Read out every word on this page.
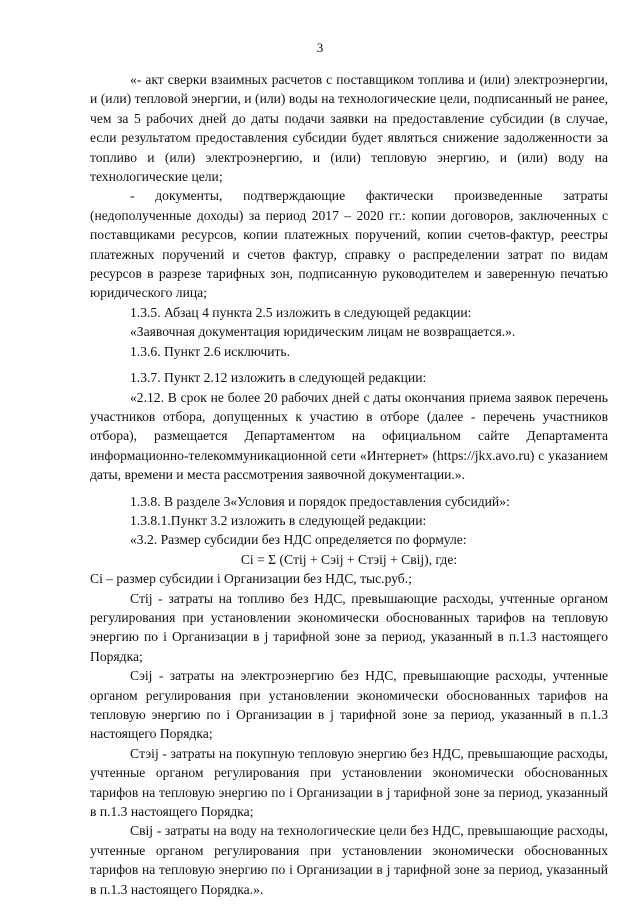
3

«- акт сверки взаимных расчетов с поставщиком топлива и (или) электроэнергии, и (или) тепловой энергии, и (или) воды на технологические цели, подписанный не ранее, чем за 5 рабочих дней до даты подачи заявки на предоставление субсидии (в случае, если результатом предоставления субсидии будет являться снижение задолженности за топливо и (или) электроэнергию, и (или) тепловую энергию, и (или) воду на технологические цели;

- документы, подтверждающие фактически произведенные затраты (недополученные доходы) за период 2017 – 2020 гг.: копии договоров, заключенных с поставщиками ресурсов, копии платежных поручений, копии счетов-фактур, реестры платежных поручений и счетов фактур, справку о распределении затрат по видам ресурсов в разрезе тарифных зон, подписанную руководителем и заверенную печатью юридического лица;

1.3.5. Абзац 4 пункта 2.5 изложить в следующей редакции:

«Заявочная документация юридическим лицам не возвращается.».

1.3.6. Пункт 2.6 исключить.

1.3.7. Пункт 2.12 изложить в следующей редакции:

«2.12. В срок не более 20 рабочих дней с даты окончания приема заявок перечень участников отбора, допущенных к участию в отборе (далее - перечень участников отбора), размещается Департаментом на официальном сайте Департамента информационно-телекоммуникационной сети «Интернет» (https://jkx.avo.ru) с указанием даты, времени и места рассмотрения заявочной документации.».

1.3.8. В разделе 3«Условия и порядок предоставления субсидий»:

1.3.8.1.Пункт 3.2 изложить в следующей редакции:

«3.2. Размер субсидии без НДС определяется по формуле:

Ci = Σ (Cтij + Cэij + Cтэij + Cвij), где:

Ci – размер субсидии i Организации без НДС, тыс.руб.;

Cтij - затраты на топливо без НДС, превышающие расходы, учтенные органом регулирования при установлении экономически обоснованных тарифов на тепловую энергию по i Организации в j тарифной зоне за период, указанный в п.1.3 настоящего Порядка;

Cэij - затраты на электроэнергию без НДС, превышающие расходы, учтенные органом регулирования при установлении экономически обоснованных тарифов на тепловую энергию по i Организации в j тарифной зоне за период, указанный в п.1.3 настоящего Порядка;

Cтэij - затраты на покупную тепловую энергию без НДС, превышающие расходы, учтенные органом регулирования при установлении экономически обоснованных тарифов на тепловую энергию по i Организации в j тарифной зоне за период, указанный в п.1.3 настоящего Порядка;

Cвij - затраты на воду на технологические цели без НДС, превышающие расходы, учтенные органом регулирования при установлении экономически обоснованных тарифов на тепловую энергию по i Организации в j тарифной зоне за период, указанный в п.1.3 настоящего Порядка.».
